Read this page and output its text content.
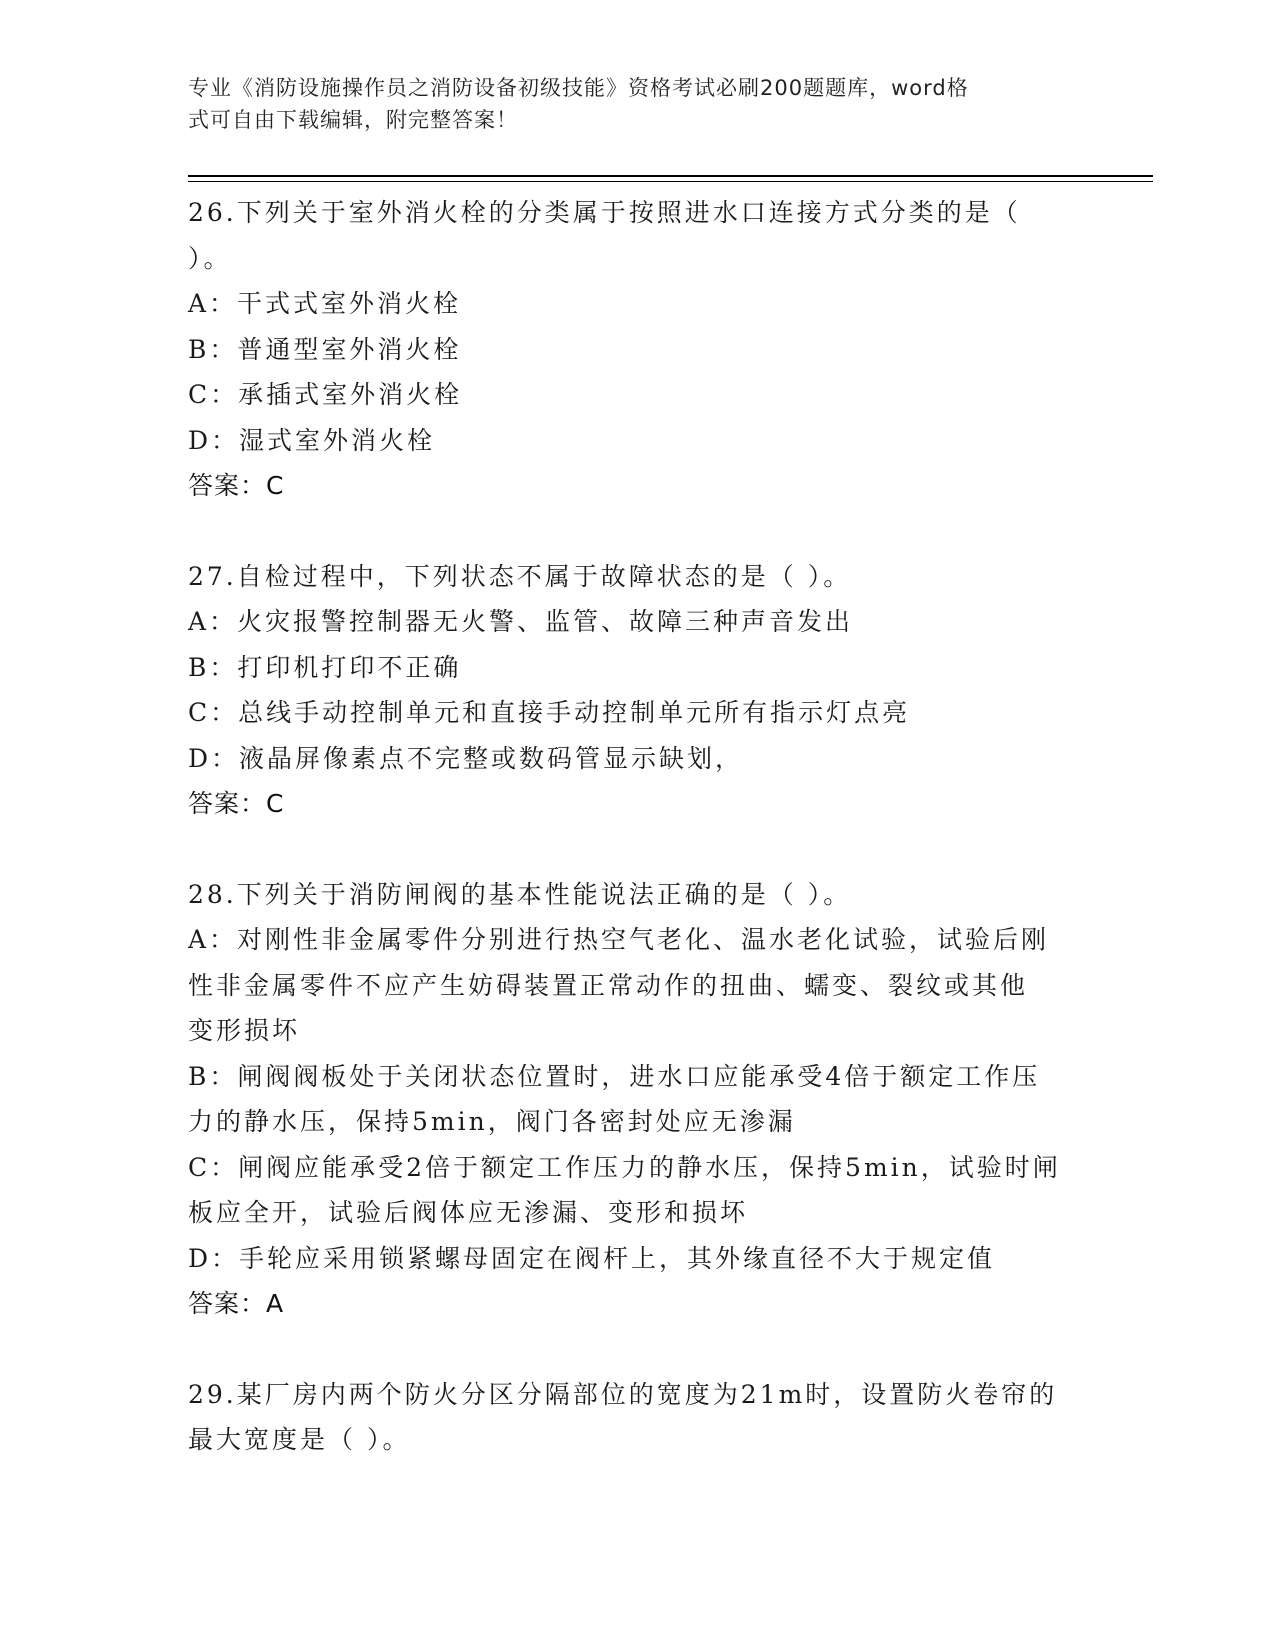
专业《消防设施操作员之消防设备初级技能》资格考试必刷200题题库，word格
式可自由下载编辑，附完整答案！
26.下列关于室外消火栓的分类属于按照进水口连接方式分类的是（
）。
A：干式式室外消火栓
B：普通型室外消火栓
C：承插式室外消火栓
D：湿式室外消火栓
答案：C
27.自检过程中，下列状态不属于故障状态的是（ ）。
A：火灾报警控制器无火警、监管、故障三种声音发出
B：打印机打印不正确
C：总线手动控制单元和直接手动控制单元所有指示灯点亮
D：液晶屏像素点不完整或数码管显示缺划，
答案：C
28.下列关于消防闸阀的基本性能说法正确的是（ ）。
A：对刚性非金属零件分别进行热空气老化、温水老化试验，试验后刚
性非金属零件不应产生妨碍装置正常动作的扭曲、蠕变、裂纹或其他
变形损坏
B：闸阀阀板处于关闭状态位置时，进水口应能承受4倍于额定工作压
力的静水压，保持5min，阀门各密封处应无渗漏
C：闸阀应能承受2倍于额定工作压力的静水压，保持5min，试验时闸
板应全开，试验后阀体应无渗漏、变形和损坏
D：手轮应采用锁紧螺母固定在阀杆上，其外缘直径不大于规定值
答案：A
29.某厂房内两个防火分区分隔部位的宽度为21m时，设置防火卷帘的
最大宽度是（ ）。
